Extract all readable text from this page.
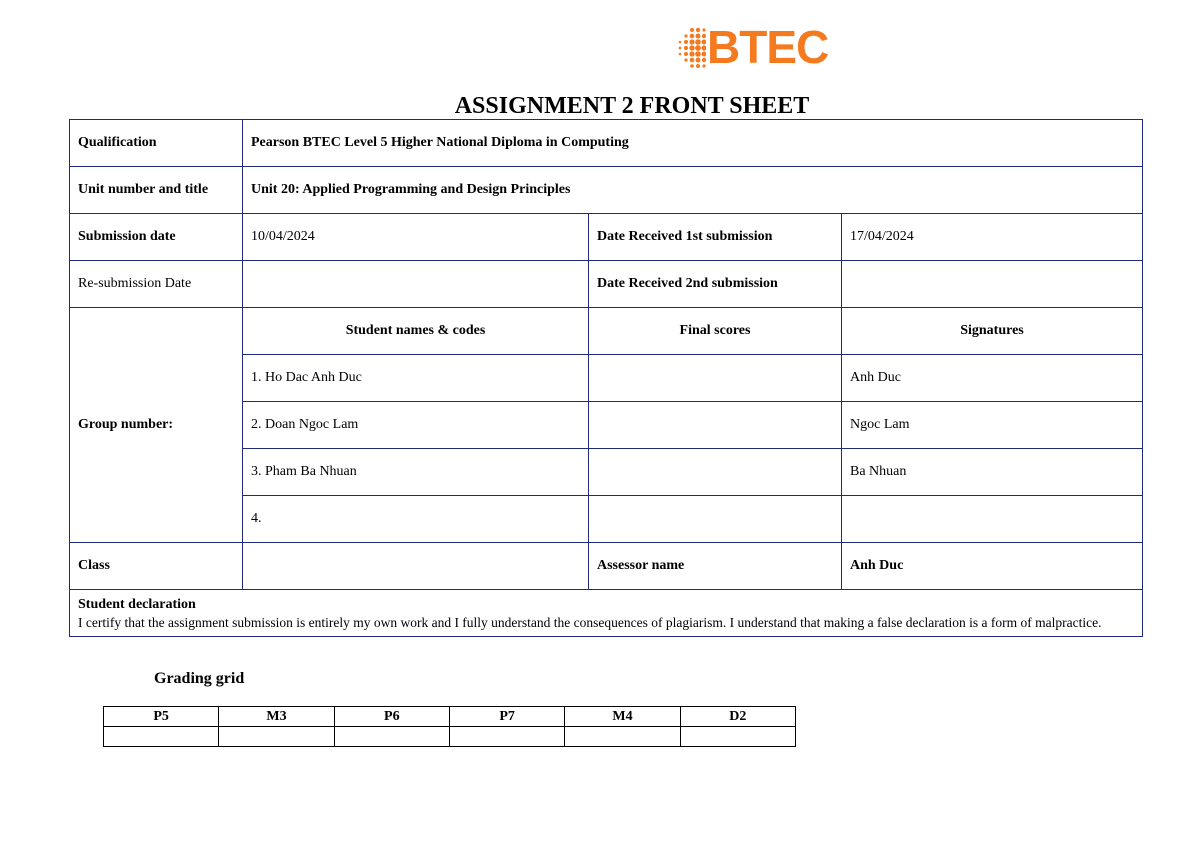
BTEC
ASSIGNMENT 2 FRONT SHEET
Qualification	Pearson BTEC Level 5 Higher National Diploma in Computing		
Unit number and title	Unit 20: Applied Programming and Design Principles		
Submission date	10/04/2024	Date Received 1st submission	17/04/2024
Re-submission Date		Date Received 2nd submission	
Group number:	Student names & codes	Final scores	Signatures
	1. Ho Dac Anh Duc		Anh Duc
	2. Doan Ngoc Lam		Ngoc Lam
	3. Pham Ba Nhuan		Ba Nhuan
	4.		
Class		Assessor name	Anh Duc

Student declaration
I certify that the assignment submission is entirely my own work and I fully understand the consequences of plagiarism. I understand that making a false declaration is a form of malpractice.			
Grading grid
P5	M3	P6	P7	M4	D2
